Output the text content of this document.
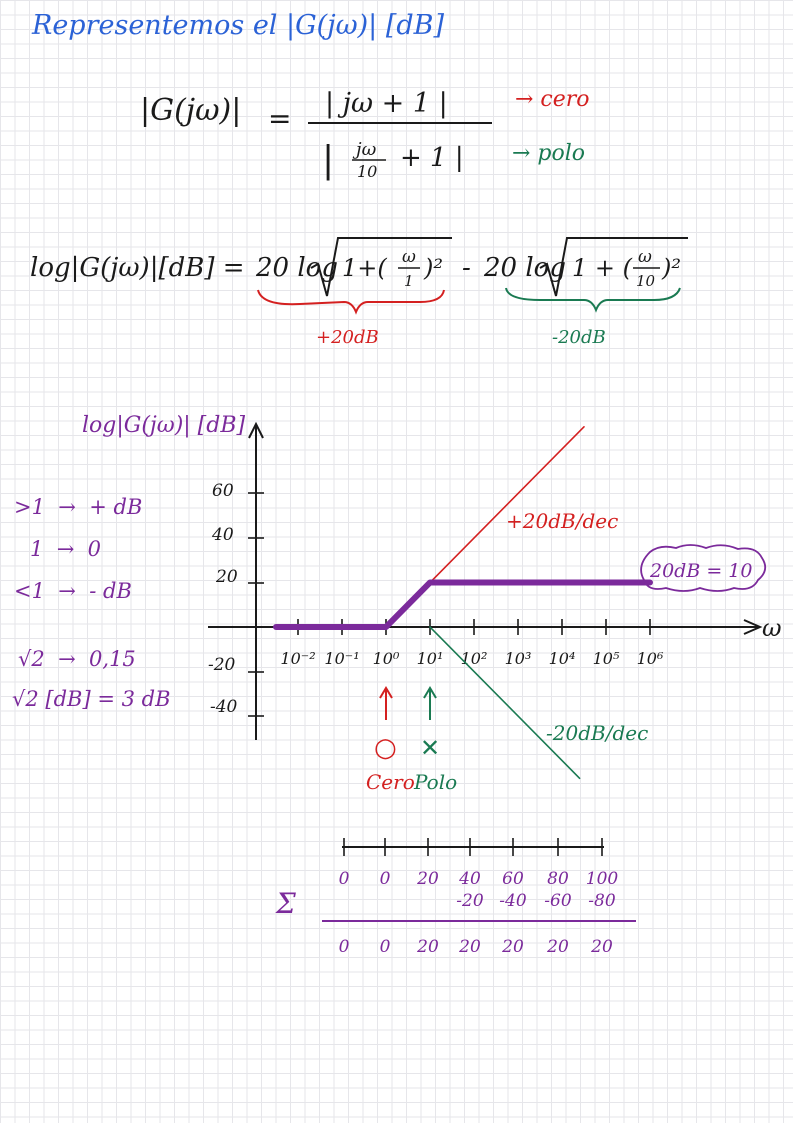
Representemos el |G(jω)| [dB]
|G(jω)| = | jω + 1 |
| jω
10 + 1 |
→ cero
→ polo
log|G(jω)|[dB] = 20 log 1+( ω
1 )² - 20 log 1 + ( ω
10 )²
+20dB	-20dB
log|G(jω)| [dB]
ω
60
40
20
-20
-40
10⁻² 10⁻¹ 10⁰ 10¹ 10² 10³ 10⁴ 10⁵ 10⁶
+20dB/dec
-20dB/dec
20dB = 10
○
Cero
✕
Polo
>1  →  + dB
1  →  0
<1  →  - dB
√2  →  0,15
√2 [dB] = 3 dB
Σ
0 0 20 40 60 80 100
-20 -40 -60 -80
0 0 20 20 20 20 20
